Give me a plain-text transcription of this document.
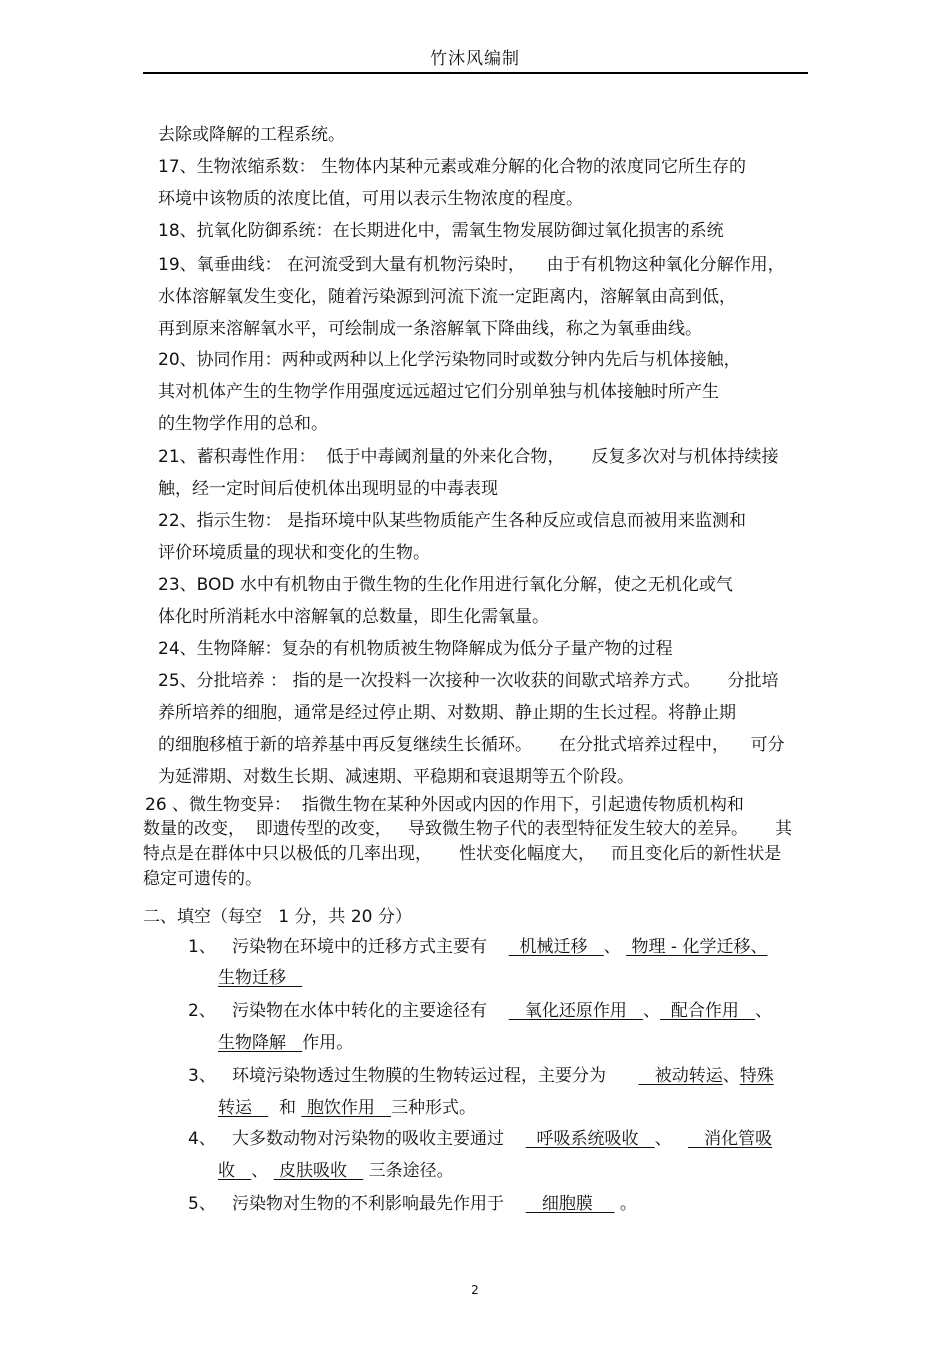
竹沐风编制
去除或降解的工程系统。
17、生物浓缩系数： 生物体内某种元素或难分解的化合物的浓度同它所生存的
环境中该物质的浓度比值，可用以表示生物浓度的程度。
18、抗氧化防御系统：在长期进化中，需氧生物发展防御过氧化损害的系统
19、氧垂曲线： 在河流受到大量有机物污染时，    由于有机物这种氧化分解作用，
水体溶解氧发生变化，随着污染源到河流下流一定距离内，溶解氧由高到低，
再到原来溶解氧水平，可绘制成一条溶解氧下降曲线，称之为氧垂曲线。
20、协同作用：两种或两种以上化学污染物同时或数分钟内先后与机体接触，
其对机体产生的生物学作用强度远远超过它们分别单独与机体接触时所产生
的生物学作用的总和。
21、蓄积毒性作用：  低于中毒阈剂量的外来化合物，     反复多次对与机体持续接
触，经一定时间后使机体出现明显的中毒表现
22、指示生物： 是指环境中队某些物质能产生各种反应或信息而被用来监测和
评价环境质量的现状和变化的生物。
23、BOD 水中有机物由于微生物的生化作用进行氧化分解，使之无机化或气
体化时所消耗水中溶解氧的总数量，即生化需氧量。
24、生物降解：复杂的有机物质被生物降解成为低分子量产物的过程
25、分批培养 ： 指的是一次投料一次接种一次收获的间歇式培养方式。     分批培
养所培养的细胞，通常是经过停止期、对数期、静止期的生长过程。将静止期
的细胞移植于新的培养基中再反复继续生长循环。     在分批式培养过程中，    可分
为延滞期、对数生长期、减速期、平稳期和衰退期等五个阶段。
26 、微生物变异：  指微生物在某种外因或内因的作用下，引起遗传物质机构和
数量的改变，  即遗传型的改变，   导致微生物子代的表型特征发生较大的差异。     其
特点是在群体中只以极低的几率出现，     性状变化幅度大，   而且变化后的新性状是
稳定可遗传的。
二、填空（每空   1 分，共 20 分）
1、 污染物在环境中的迁移方式主要有      机械迁移   、  物理 - 化学迁移、
生物迁移
2、 污染物在水体中转化的主要途径有       氧化还原作用   、  配合作用   、
生物降解   作用。
3、 环境污染物透过生物膜的生物转运过程，主要分为         被动转运、特殊
转运     和  胞饮作用   三种形式。
4、 大多数动物对污染物的吸收主要通过      呼吸系统吸收   、      消化管吸
收   、  皮肤吸收    三条途径。
5、 污染物对生物的不利影响最先作用于       细胞膜     。
2
